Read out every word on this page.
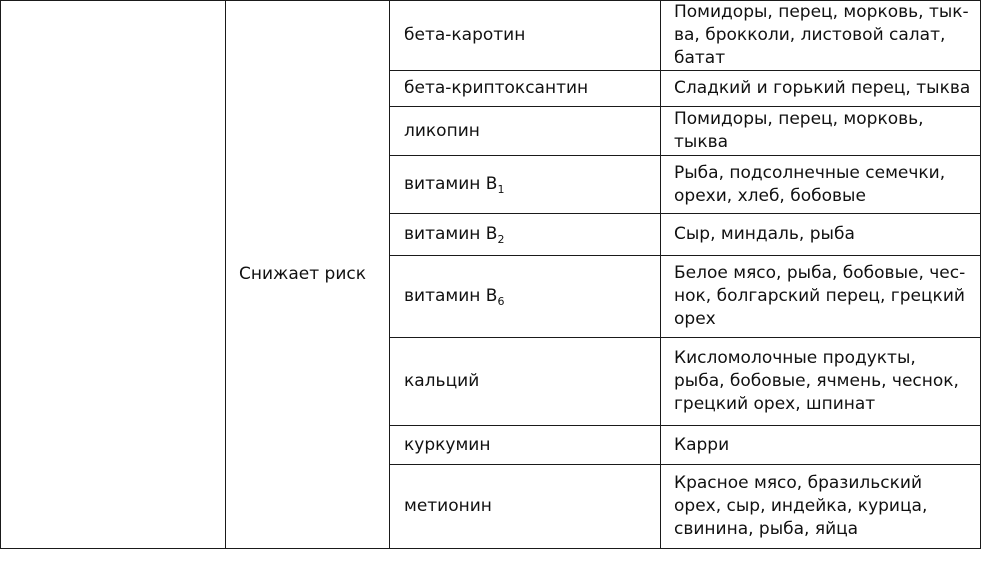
	Снижает риск	бета-каротин	Помидоры, перец, морковь, тык-
ва, брокколи, листовой салат,
батат

		бета-криптоксантин	Сладкий и горький перец, тыква

		ликопин	Помидоры, перец, морковь,
тыква

		витамин $B_1$	Рыба, подсолнечные семечки,
орехи, хлеб, бобовые

		витамин $B_2$	Сыр, миндаль, рыба

		витамин $B_6$	Белое мясо, рыба, бобовые, чес-
нок, болгарский перец, грецкий
орех

		кальций	Кисломолочные продукты,
рыба, бобовые, ячмень, чеснок,
грецкий орех, шпинат

		куркумин	Карри

		метионин	Красное мясо, бразильский
орех, сыр, индейка, курица,
свинина, рыба, яйца
